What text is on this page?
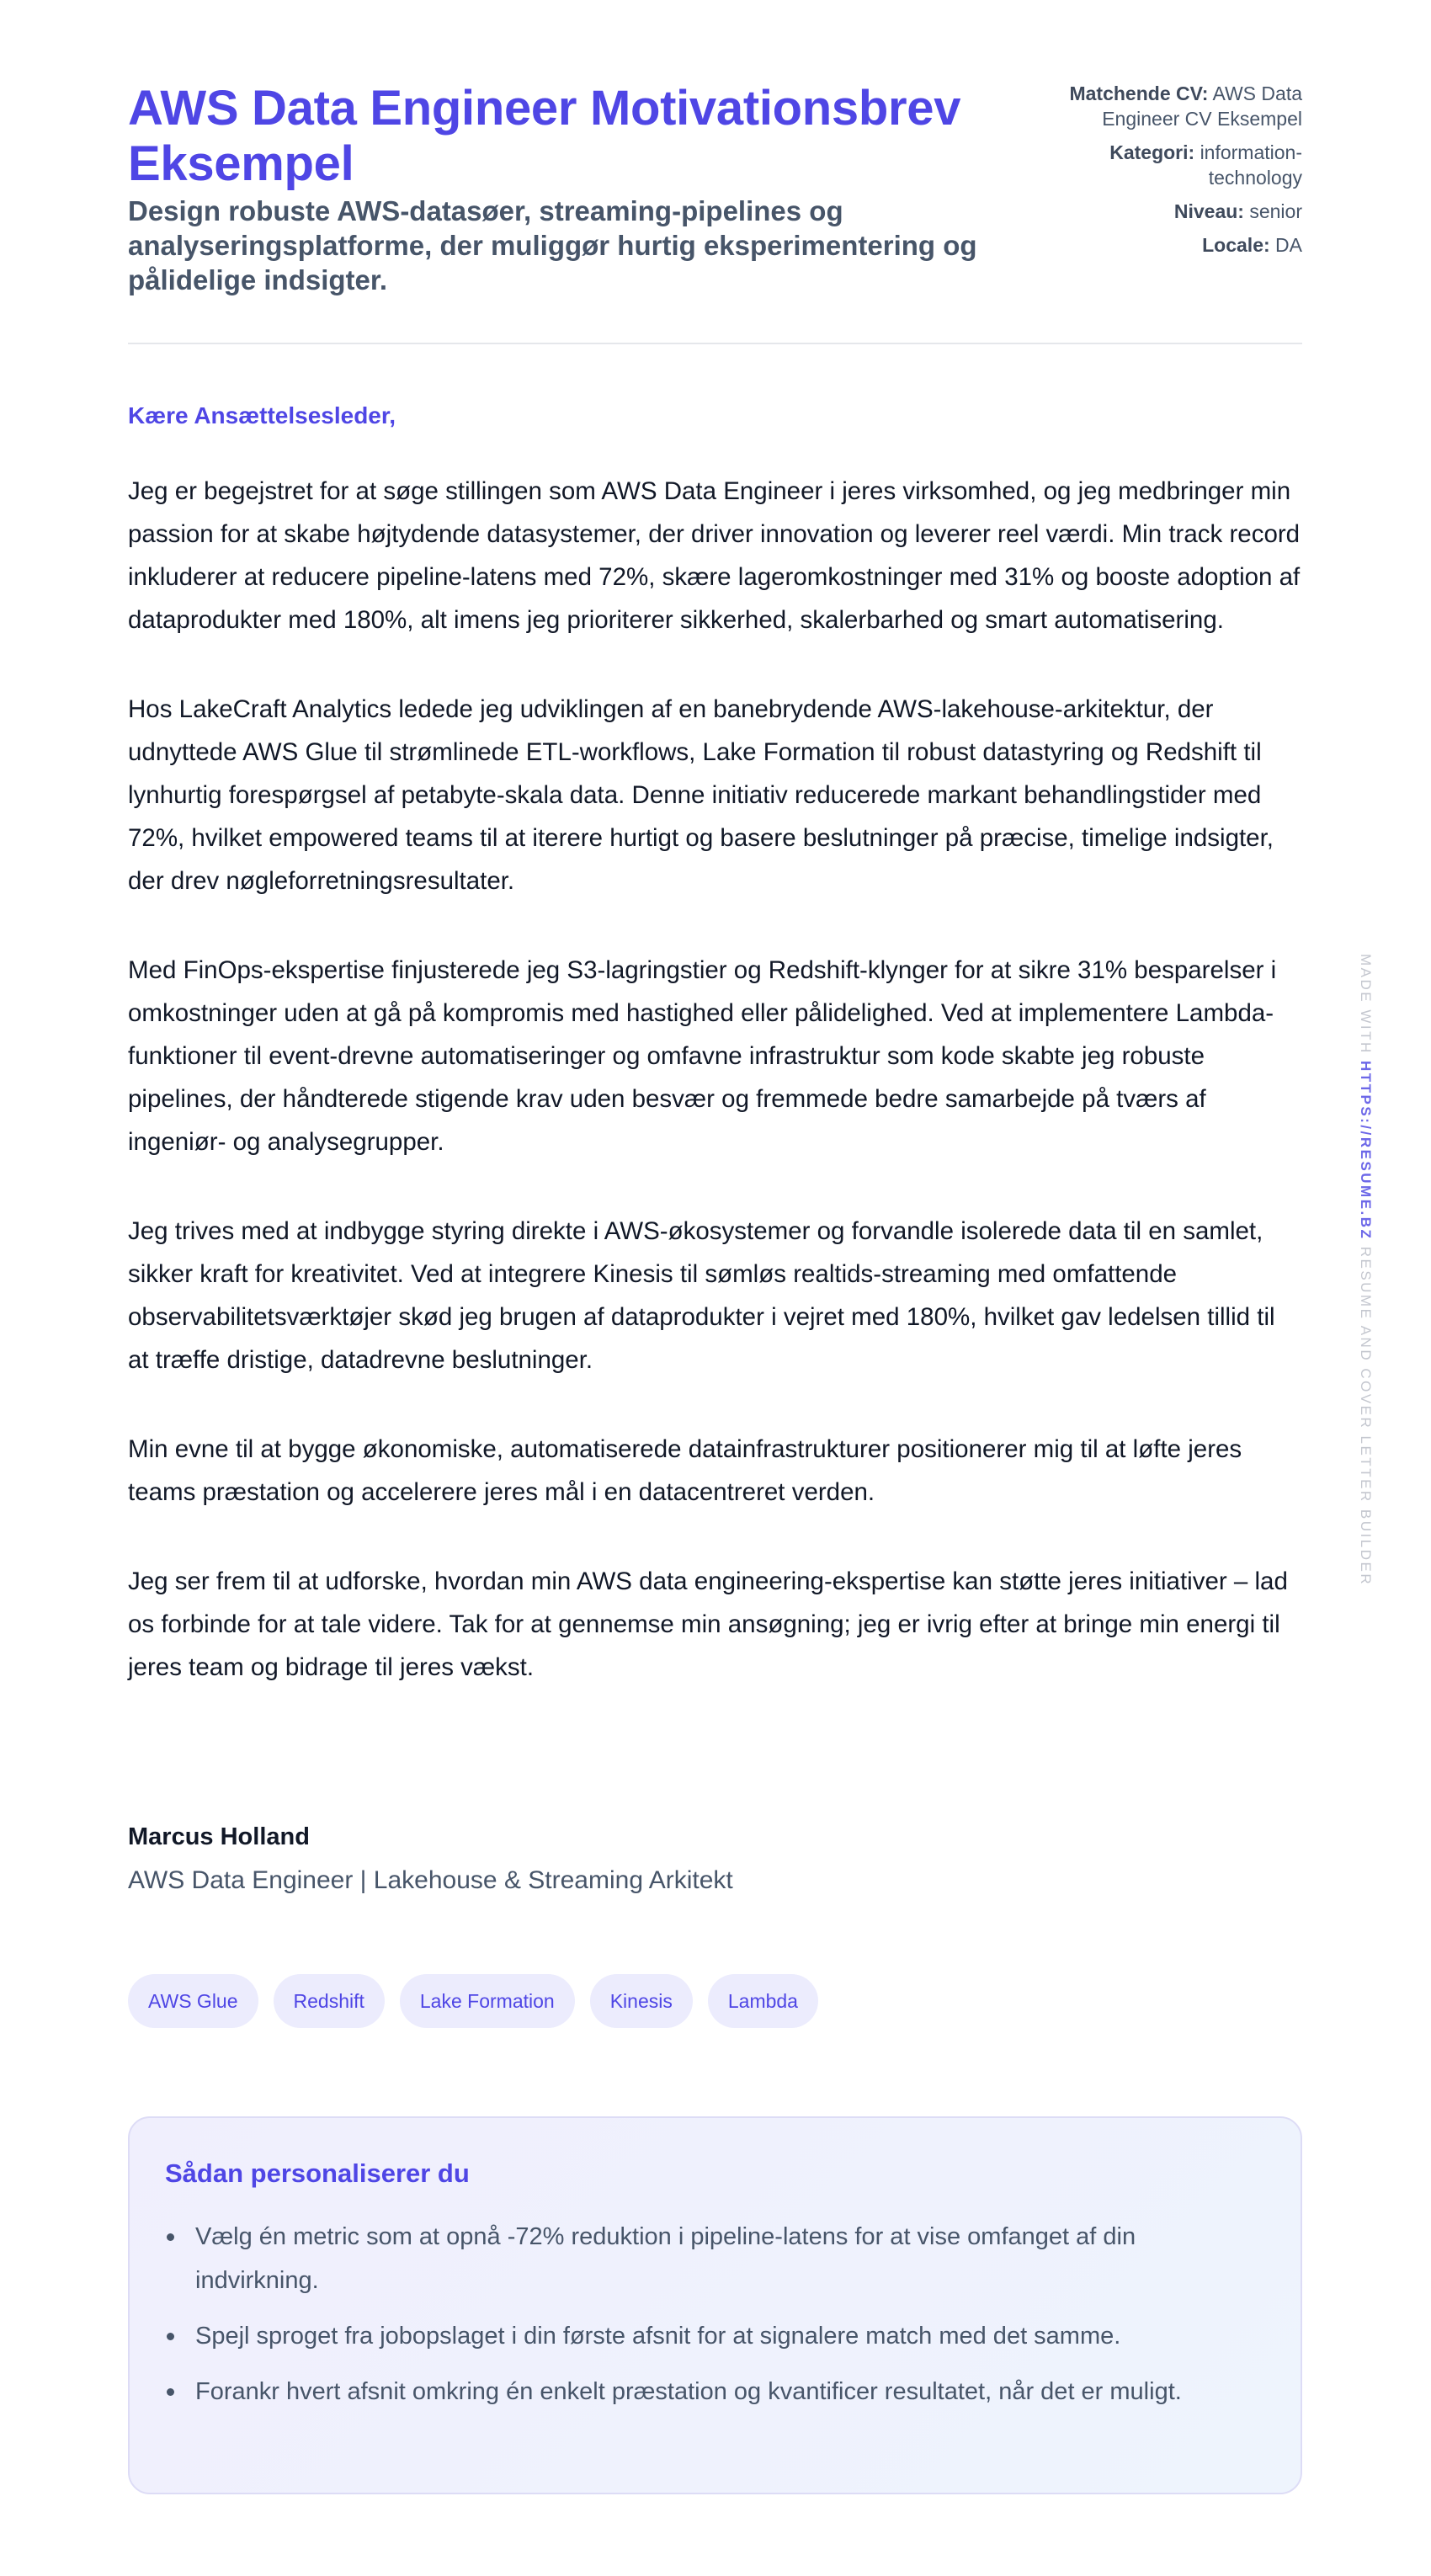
AWS Data Engineer Motivationsbrev Eksempel
Design robuste AWS-datasøer, streaming-pipelines og analyseringsplatforme, der muliggør hurtig eksperimentering og pålidelige indsigter.
Matchende CV: AWS Data Engineer CV Eksempel
Kategori: information-technology
Niveau: senior
Locale: DA

Kære Ansættelsesleder,

Jeg er begejstret for at søge stillingen som AWS Data Engineer i jeres virksomhed, og jeg medbringer min passion for at skabe højtydende datasystemer, der driver innovation og leverer reel værdi. Min track record inkluderer at reducere pipeline-latens med 72%, skære lageromkostninger med 31% og booste adoption af dataprodukter med 180%, alt imens jeg prioriterer sikkerhed, skalerbarhed og smart automatisering.

Hos LakeCraft Analytics ledede jeg udviklingen af en banebrydende AWS-lakehouse-arkitektur, der udnyttede AWS Glue til strømlinede ETL-workflows, Lake Formation til robust datastyring og Redshift til lynhurtig forespørgsel af petabyte-skala data. Denne initiativ reducerede markant behandlingstider med 72%, hvilket empowered teams til at iterere hurtigt og basere beslutninger på præcise, timelige indsigter, der drev nøgleforretningsresultater.

Med FinOps-ekspertise finjusterede jeg S3-lagringstier og Redshift-klynger for at sikre 31% besparelser i omkostninger uden at gå på kompromis med hastighed eller pålidelighed. Ved at implementere Lambda-funktioner til event-drevne automatiseringer og omfavne infrastruktur som kode skabte jeg robuste pipelines, der håndterede stigende krav uden besvær og fremmede bedre samarbejde på tværs af ingeniør- og analysegrupper.

Jeg trives med at indbygge styring direkte i AWS-økosystemer og forvandle isolerede data til en samlet, sikker kraft for kreativitet. Ved at integrere Kinesis til sømløs realtids-streaming med omfattende observabilitetsværktøjer skød jeg brugen af dataprodukter i vejret med 180%, hvilket gav ledelsen tillid til at træffe dristige, datadrevne beslutninger.

Min evne til at bygge økonomiske, automatiserede datainfrastrukturer positionerer mig til at løfte jeres teams præstation og accelerere jeres mål i en datacentreret verden.

Jeg ser frem til at udforske, hvordan min AWS data engineering-ekspertise kan støtte jeres initiativer – lad os forbinde for at tale videre. Tak for at gennemse min ansøgning; jeg er ivrig efter at bringe min energi til jeres team og bidrage til jeres vækst.

Marcus Holland
AWS Data Engineer | Lakehouse & Streaming Arkitekt
AWS Glue	Redshift	Lake Formation	Kinesis	Lambda
Sådan personaliserer du
Vælg én metric som at opnå -72% reduktion i pipeline-latens for at vise omfanget af din indvirkning.
Spejl sproget fra jobopslaget i din første afsnit for at signalere match med det samme.
Forankr hvert afsnit omkring én enkelt præstation og kvantificer resultatet, når det er muligt.
MADE WITH HTTPS://RESUME.BZ RESUME AND COVER LETTER BUILDER
